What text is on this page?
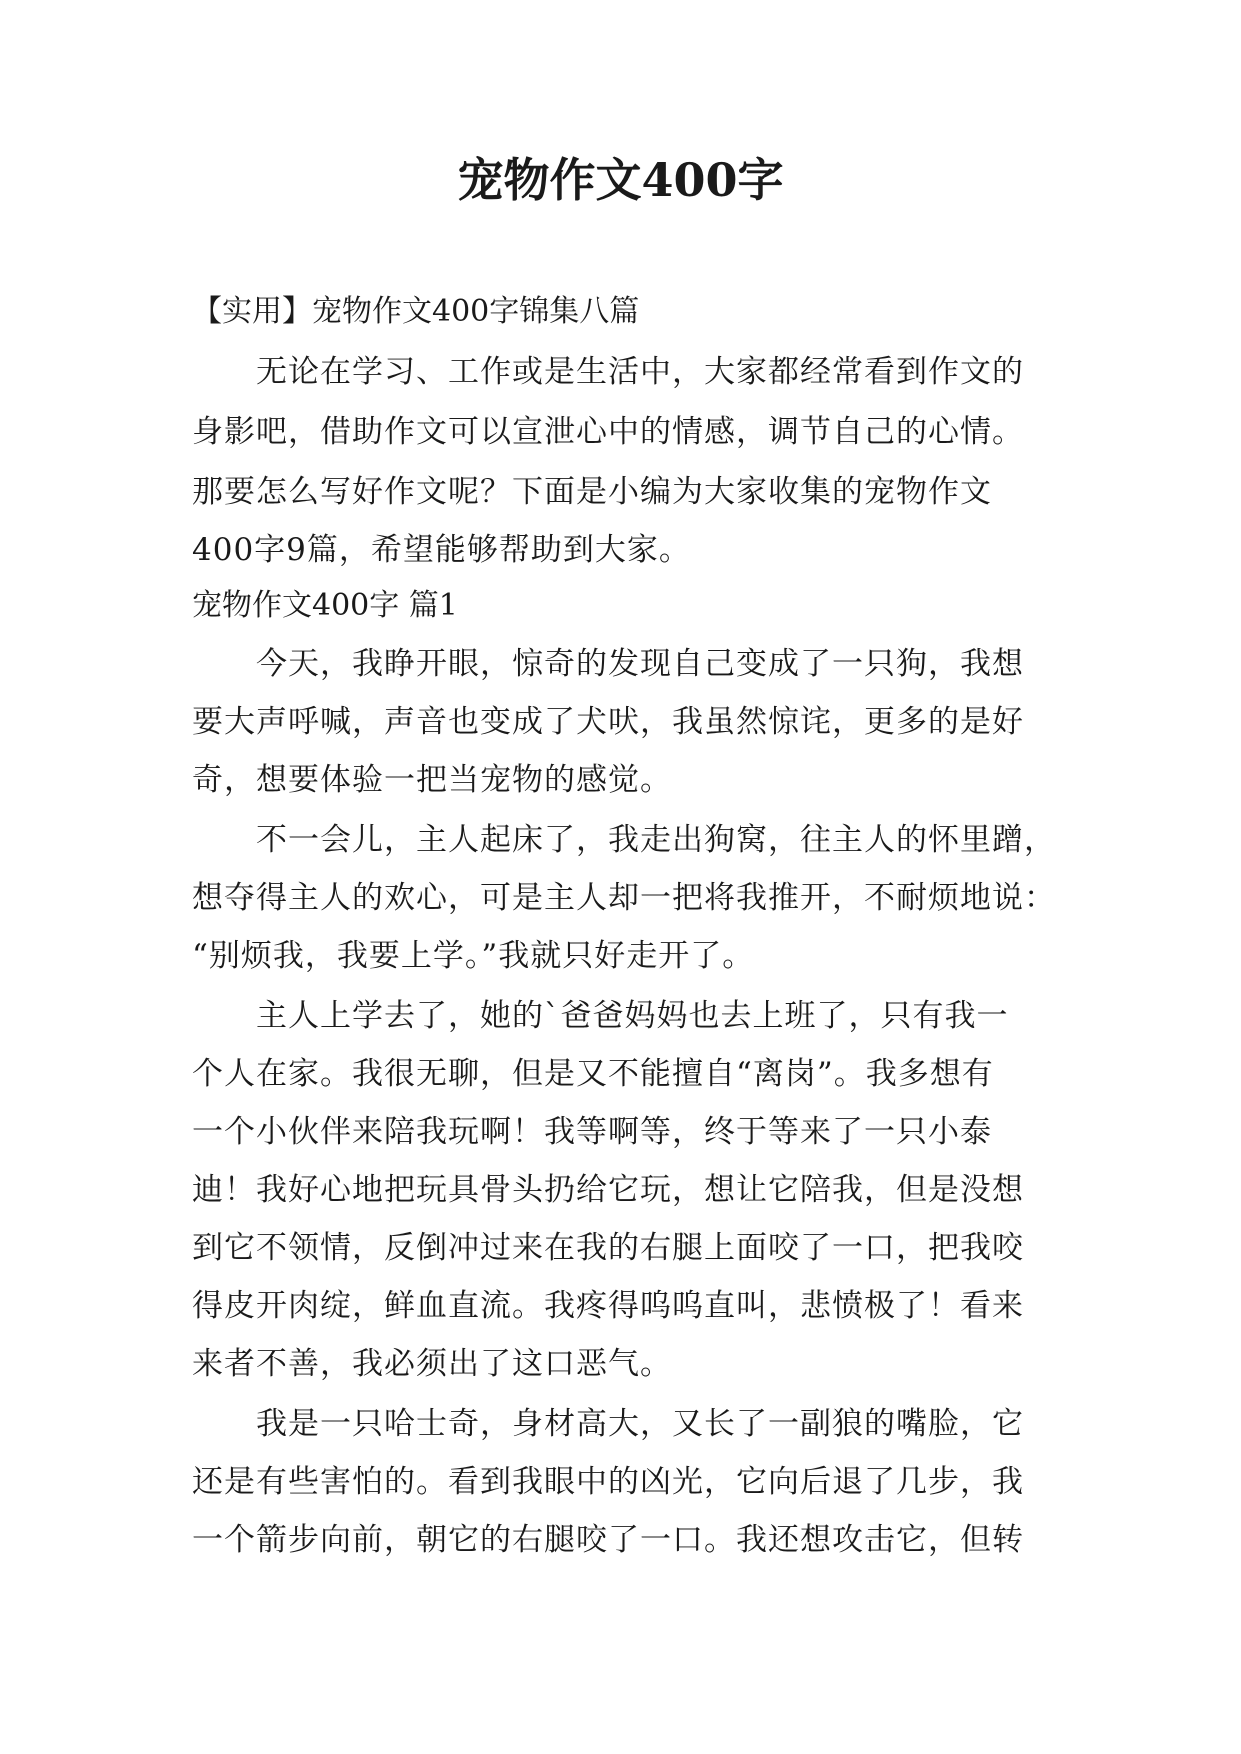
宠物作文400字

【实用】宠物作文400字锦集八篇

无论在学习、工作或是生活中，大家都经常看到作文的

身影吧，借助作文可以宣泄心中的情感，调节自己的心情。

那要怎么写好作文呢？下面是小编为大家收集的宠物作文

400字9篇，希望能够帮助到大家。

宠物作文400字 篇1

今天，我睁开眼，惊奇的发现自己变成了一只狗，我想

要大声呼喊，声音也变成了犬吠，我虽然惊诧，更多的是好

奇，想要体验一把当宠物的感觉。

不一会儿，主人起床了，我走出狗窝，往主人的怀里蹭，

想夺得主人的欢心，可是主人却一把将我推开，不耐烦地说：

“别烦我，我要上学。”我就只好走开了。

主人上学去了，她的`爸爸妈妈也去上班了，只有我一

个人在家。我很无聊，但是又不能擅自“离岗”。我多想有

一个小伙伴来陪我玩啊！我等啊等，终于等来了一只小泰

迪！我好心地把玩具骨头扔给它玩，想让它陪我，但是没想

到它不领情，反倒冲过来在我的右腿上面咬了一口，把我咬

得皮开肉绽，鲜血直流。我疼得呜呜直叫，悲愤极了！看来

来者不善，我必须出了这口恶气。

我是一只哈士奇，身材高大，又长了一副狼的嘴脸，它

还是有些害怕的。看到我眼中的凶光，它向后退了几步，我

一个箭步向前，朝它的右腿咬了一口。我还想攻击它，但转
